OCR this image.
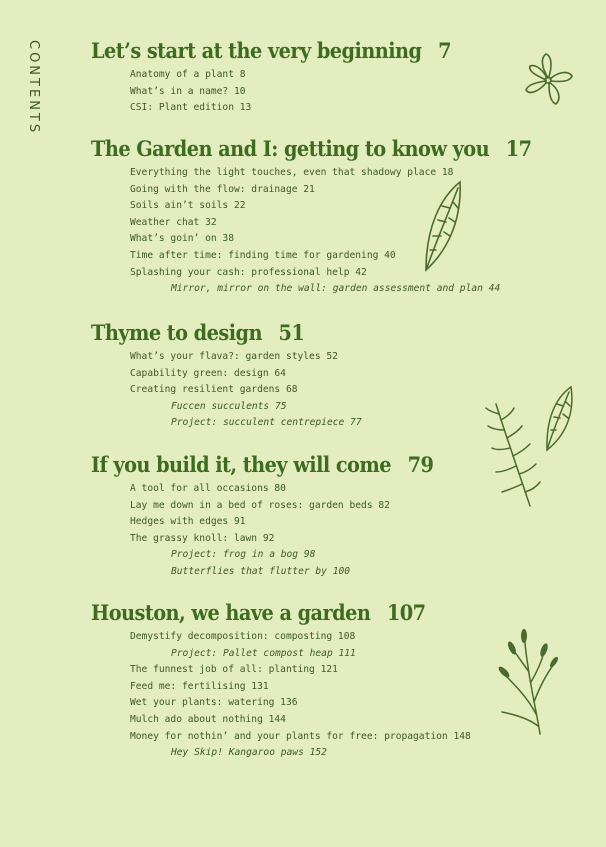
CONTENTS Let’s start at the very beginning 7
Anatomy of a plant 8
What’s in a name? 10
CSI: Plant edition 13
The Garden and I: getting to know you 17
Everything the light touches, even that shadowy place 18
Going with the flow: drainage 21
Soils ain’t soils 22
Weather chat 32
What’s goin’ on 38
Time after time: finding time for gardening 40
Splashing your cash: professional help 42
Mirror, mirror on the wall: garden assessment and plan 44
Thyme to design 51
What’s your flava?: garden styles 52
Capability green: design 64
Creating resilient gardens 68
Fuccen succulents 75
Project: succulent centrepiece 77
If you build it, they will come 79
A tool for all occasions 80
Lay me down in a bed of roses: garden beds 82
Hedges with edges 91
The grassy knoll: lawn 92
Project: frog in a bog 98
Butterflies that flutter by 100
Houston, we have a garden 107
Demystify decomposition: composting 108
Project: Pallet compost heap 111
The funnest job of all: planting 121
Feed me: fertilising 131
Wet your plants: watering 136
Mulch ado about nothing 144
Money for nothin’ and your plants for free: propagation 148
Hey Skip! Kangaroo paws 152
